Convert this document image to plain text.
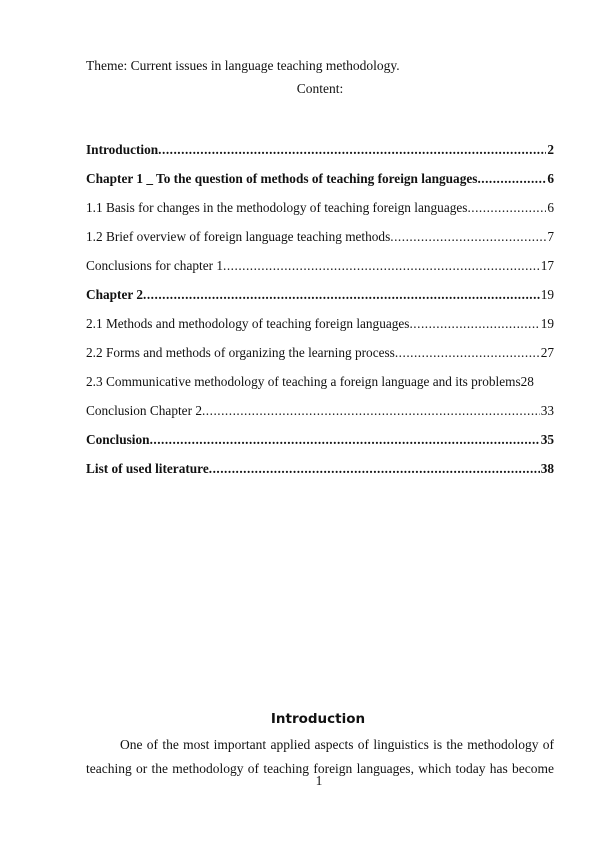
Theme: Current issues in language teaching methodology.
Content:
Introduction .....	2
Chapter 1 _ To the question of methods of teaching foreign languages .....	6
1.1 Basis for changes in the methodology of teaching foreign languages .....	6
1.2 Brief overview of foreign language teaching methods .....	7
Conclusions for chapter 1 .....	17
Chapter 2 .....	19
2.1 Methods and methodology of teaching foreign languages .....	19
2.2 Forms and methods of organizing the learning process .....	27
2.3 Communicative methodology of teaching a foreign language and its problems 28
Conclusion Chapter 2 .....	33
Conclusion .....	35
List of used literature .....	38
Introduction

One of the most important applied aspects of linguistics is the methodology of
teaching or the methodology of teaching foreign languages, which today has become

1
